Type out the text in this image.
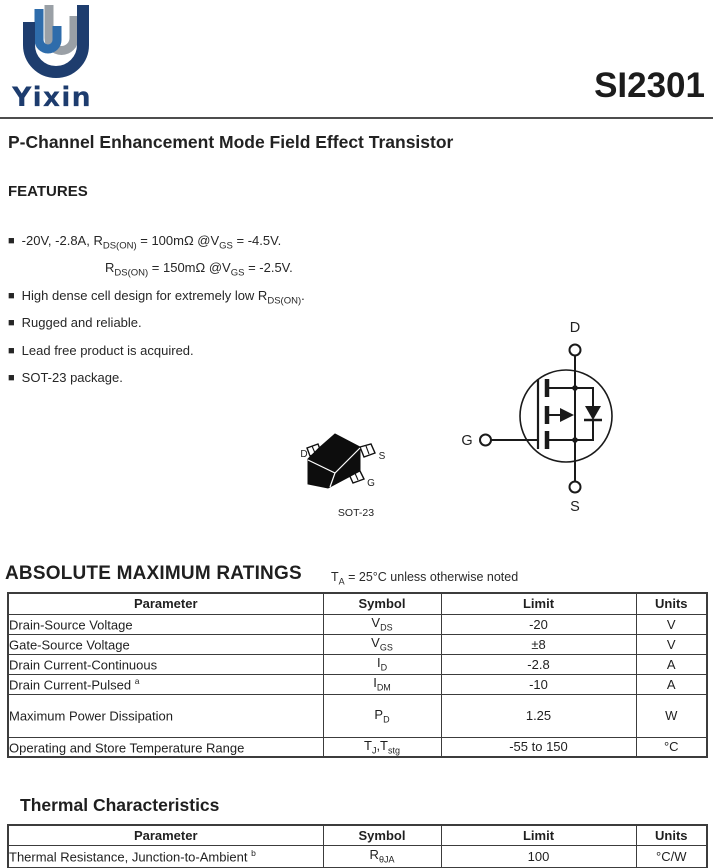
Yixin	SI2301
P-Channel Enhancement Mode Field Effect Transistor
FEATURES
■ -20V, -2.8A, $R_{DS(ON)} = 100m\Omega$ $@V_{GS} = -4.5V$.
$R_{DS(ON)} = 150m\Omega$ $@V_{GS} = -2.5V$.
■ High dense cell design for extremely low $R_{DS(ON)}$.
■ Rugged and reliable.
■ Lead free product is acquired.
■ SOT-23 package.
D	S
G
SOT-23
D
G
S
ABSOLUTE MAXIMUM RATINGS $T_A = 25^\circ C$ unless otherwise noted
Parameter	Symbol	Limit	Units
Drain-Source Voltage	$V_{DS}$	-20	V
Gate-Source Voltage	$V_{GS}$	±8	V
Drain Current-Continuous	$I_D$	-2.8	A
Drain Current-Pulsed $^a$	$I_{DM}$	-10	A
Maximum Power Dissipation	$P_D$	1.25	W
Operating and Store Temperature Range	$T_J,T_{stg}$	-55 to 150	°C
Thermal Characteristics
Parameter	Symbol	Limit	Units
Thermal Resistance, Junction-to-Ambient $^b$	$R_{\theta JA}$	100	°C/W
